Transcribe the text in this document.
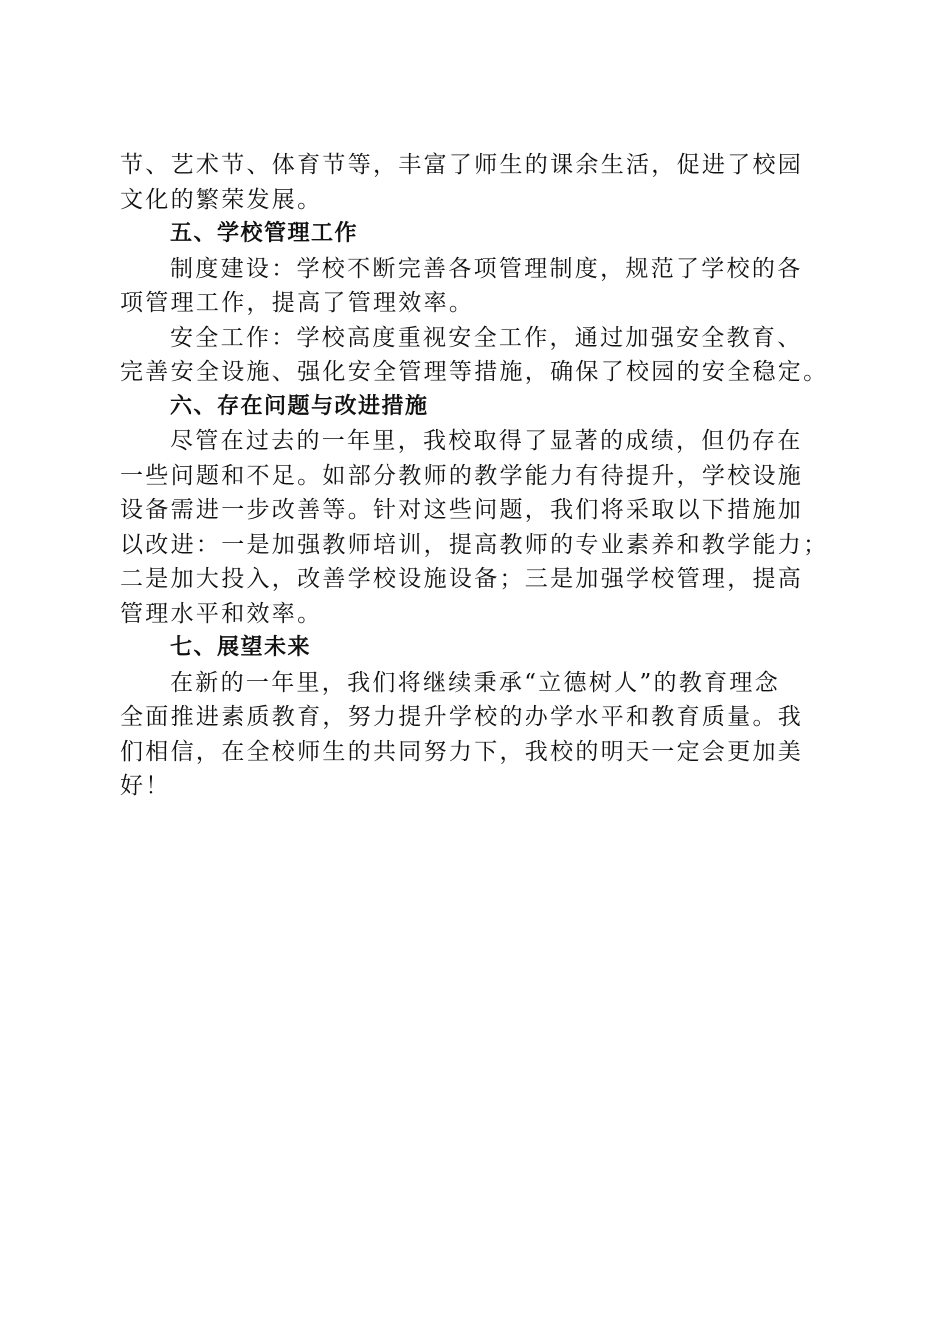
节、艺术节、体育节等，丰富了师生的课余生活，促进了校园
文化的繁荣发展。
五、学校管理工作
制度建设：学校不断完善各项管理制度，规范了学校的各
项管理工作，提高了管理效率。
安全工作：学校高度重视安全工作，通过加强安全教育、
完善安全设施、强化安全管理等措施，确保了校园的安全稳定。
六、存在问题与改进措施
尽管在过去的一年里，我校取得了显著的成绩，但仍存在
一些问题和不足。如部分教师的教学能力有待提升，学校设施
设备需进一步改善等。针对这些问题，我们将采取以下措施加
以改进：一是加强教师培训，提高教师的专业素养和教学能力；
二是加大投入，改善学校设施设备；三是加强学校管理，提高
管理水平和效率。
七、展望未来
在新的一年里，我们将继续秉承“立德树人”的教育理念
全面推进素质教育，努力提升学校的办学水平和教育质量。我
们相信，在全校师生的共同努力下，我校的明天一定会更加美
好！
